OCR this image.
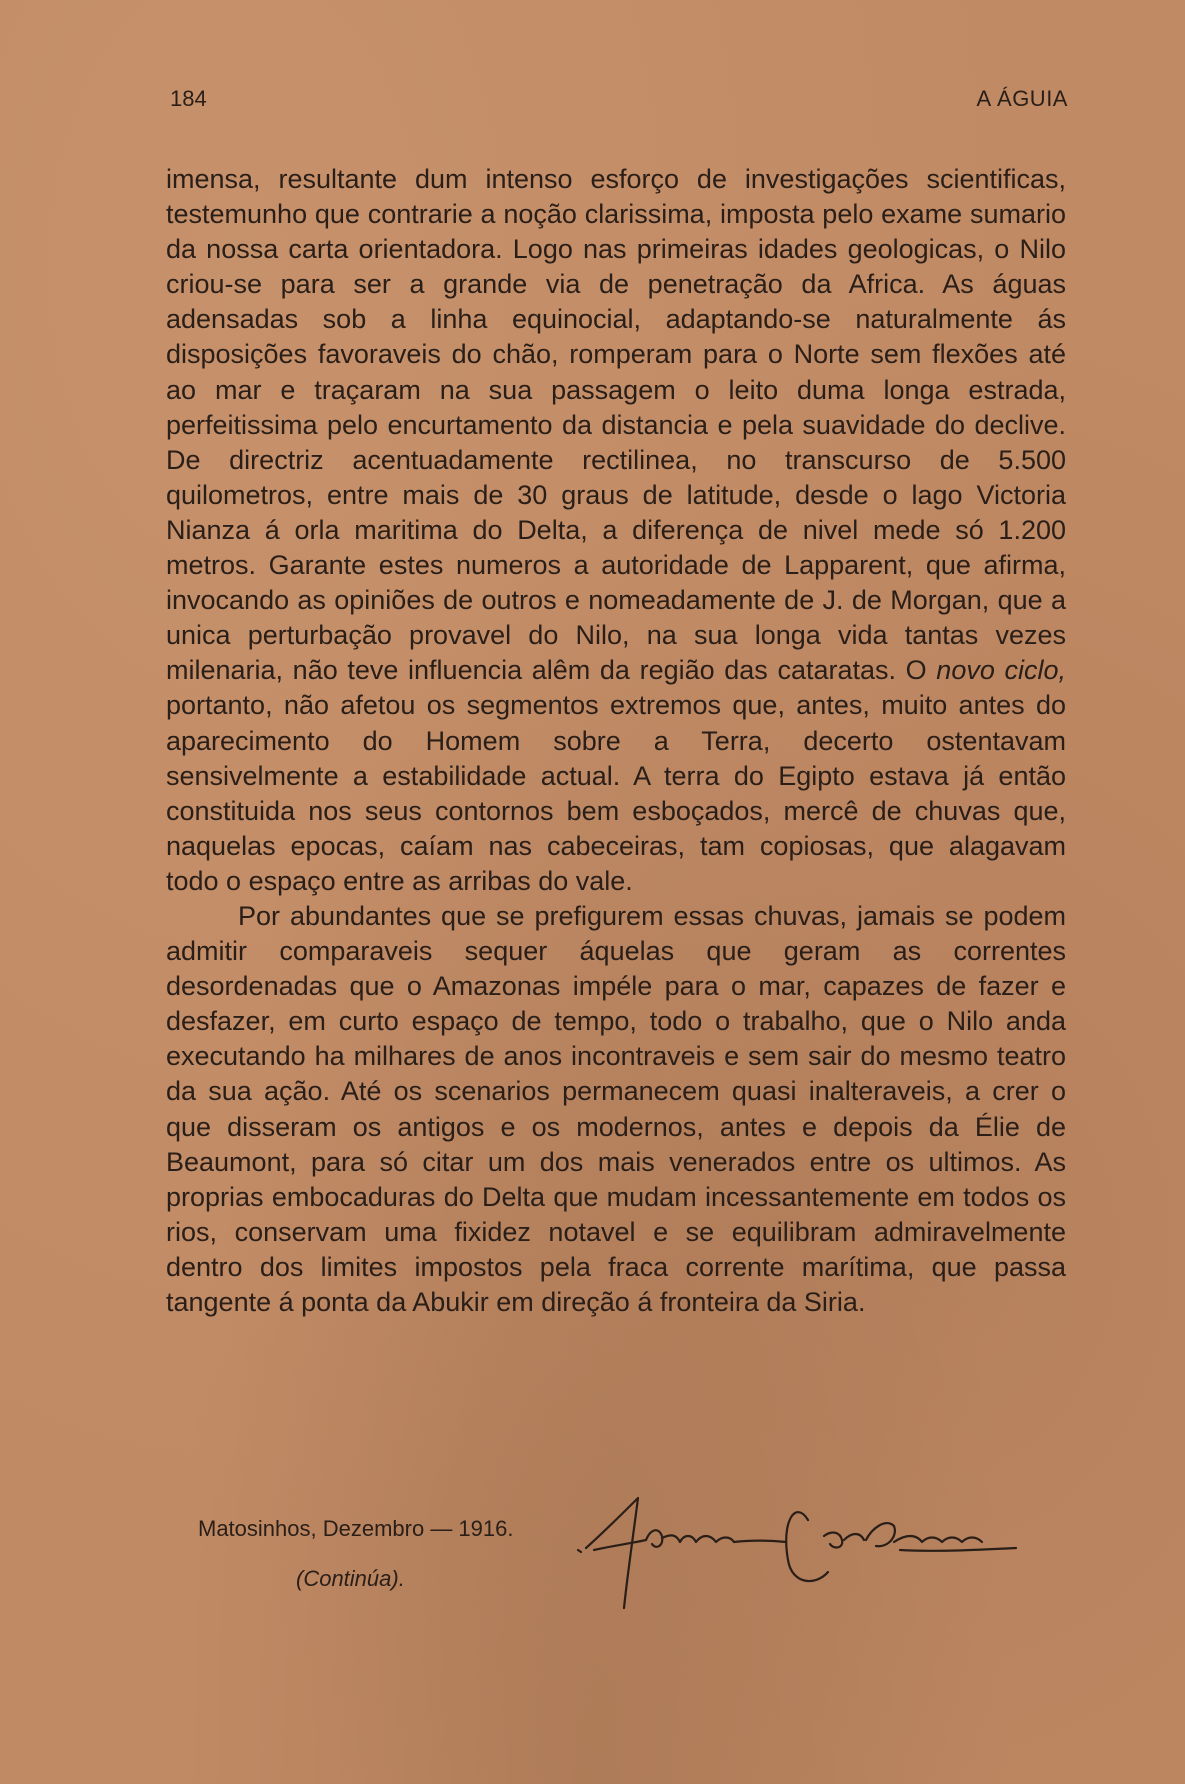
184	A ÁGUIA

imensa, resultante dum intenso esforço de investigações scientificas, testemunho que contrarie a noção clarissima, imposta pelo exame sumario da nossa carta orientadora. Logo nas primeiras idades geologicas, o Nilo criou-se para ser a grande via de penetração da Africa. As águas adensadas sob a linha equinocial, adaptando-se naturalmente ás disposições favoraveis do chão, romperam para o Norte sem flexões até ao mar e traçaram na sua passagem o leito duma longa estrada, perfeitissima pelo encurtamento da distancia e pela suavidade do declive. De directriz acentuadamente rectilinea, no transcurso de 5.500 quilometros, entre mais de 30 graus de latitude, desde o lago Victoria Nianza á orla maritima do Delta, a diferença de nivel mede só 1.200 metros. Garante estes numeros a autoridade de Lapparent, que afirma, invocando as opiniões de outros e nomeadamente de J. de Morgan, que a unica perturbação provavel do Nilo, na sua longa vida tantas vezes milenaria, não teve influencia alêm da região das cataratas. O novo ciclo, portanto, não afetou os segmentos extremos que, antes, muito antes do aparecimento do Homem sobre a Terra, decerto ostentavam sensivelmente a estabilidade actual. A terra do Egipto estava já então constituida nos seus contornos bem esboçados, mercê de chuvas que, naquelas epocas, caíam nas cabeceiras, tam copiosas, que alagavam todo o espaço entre as arribas do vale.

Por abundantes que se prefigurem essas chuvas, jamais se podem admitir comparaveis sequer áquelas que geram as correntes desordenadas que o Amazonas impéle para o mar, capazes de fazer e desfazer, em curto espaço de tempo, todo o trabalho, que o Nilo anda executando ha milhares de anos incontraveis e sem sair do mesmo teatro da sua ação. Até os scenarios permanecem quasi inalteraveis, a crer o que disseram os antigos e os modernos, antes e depois da Élie de Beaumont, para só citar um dos mais venerados entre os ultimos. As proprias embocaduras do Delta que mudam incessantemente em todos os rios, conservam uma fixidez notavel e se equilibram admiravelmente dentro dos limites impostos pela fraca corrente marítima, que passa tangente á ponta da Abukir em direção á fronteira da Siria.

Matosinhos, Dezembro — 1916.
(Continúa).
